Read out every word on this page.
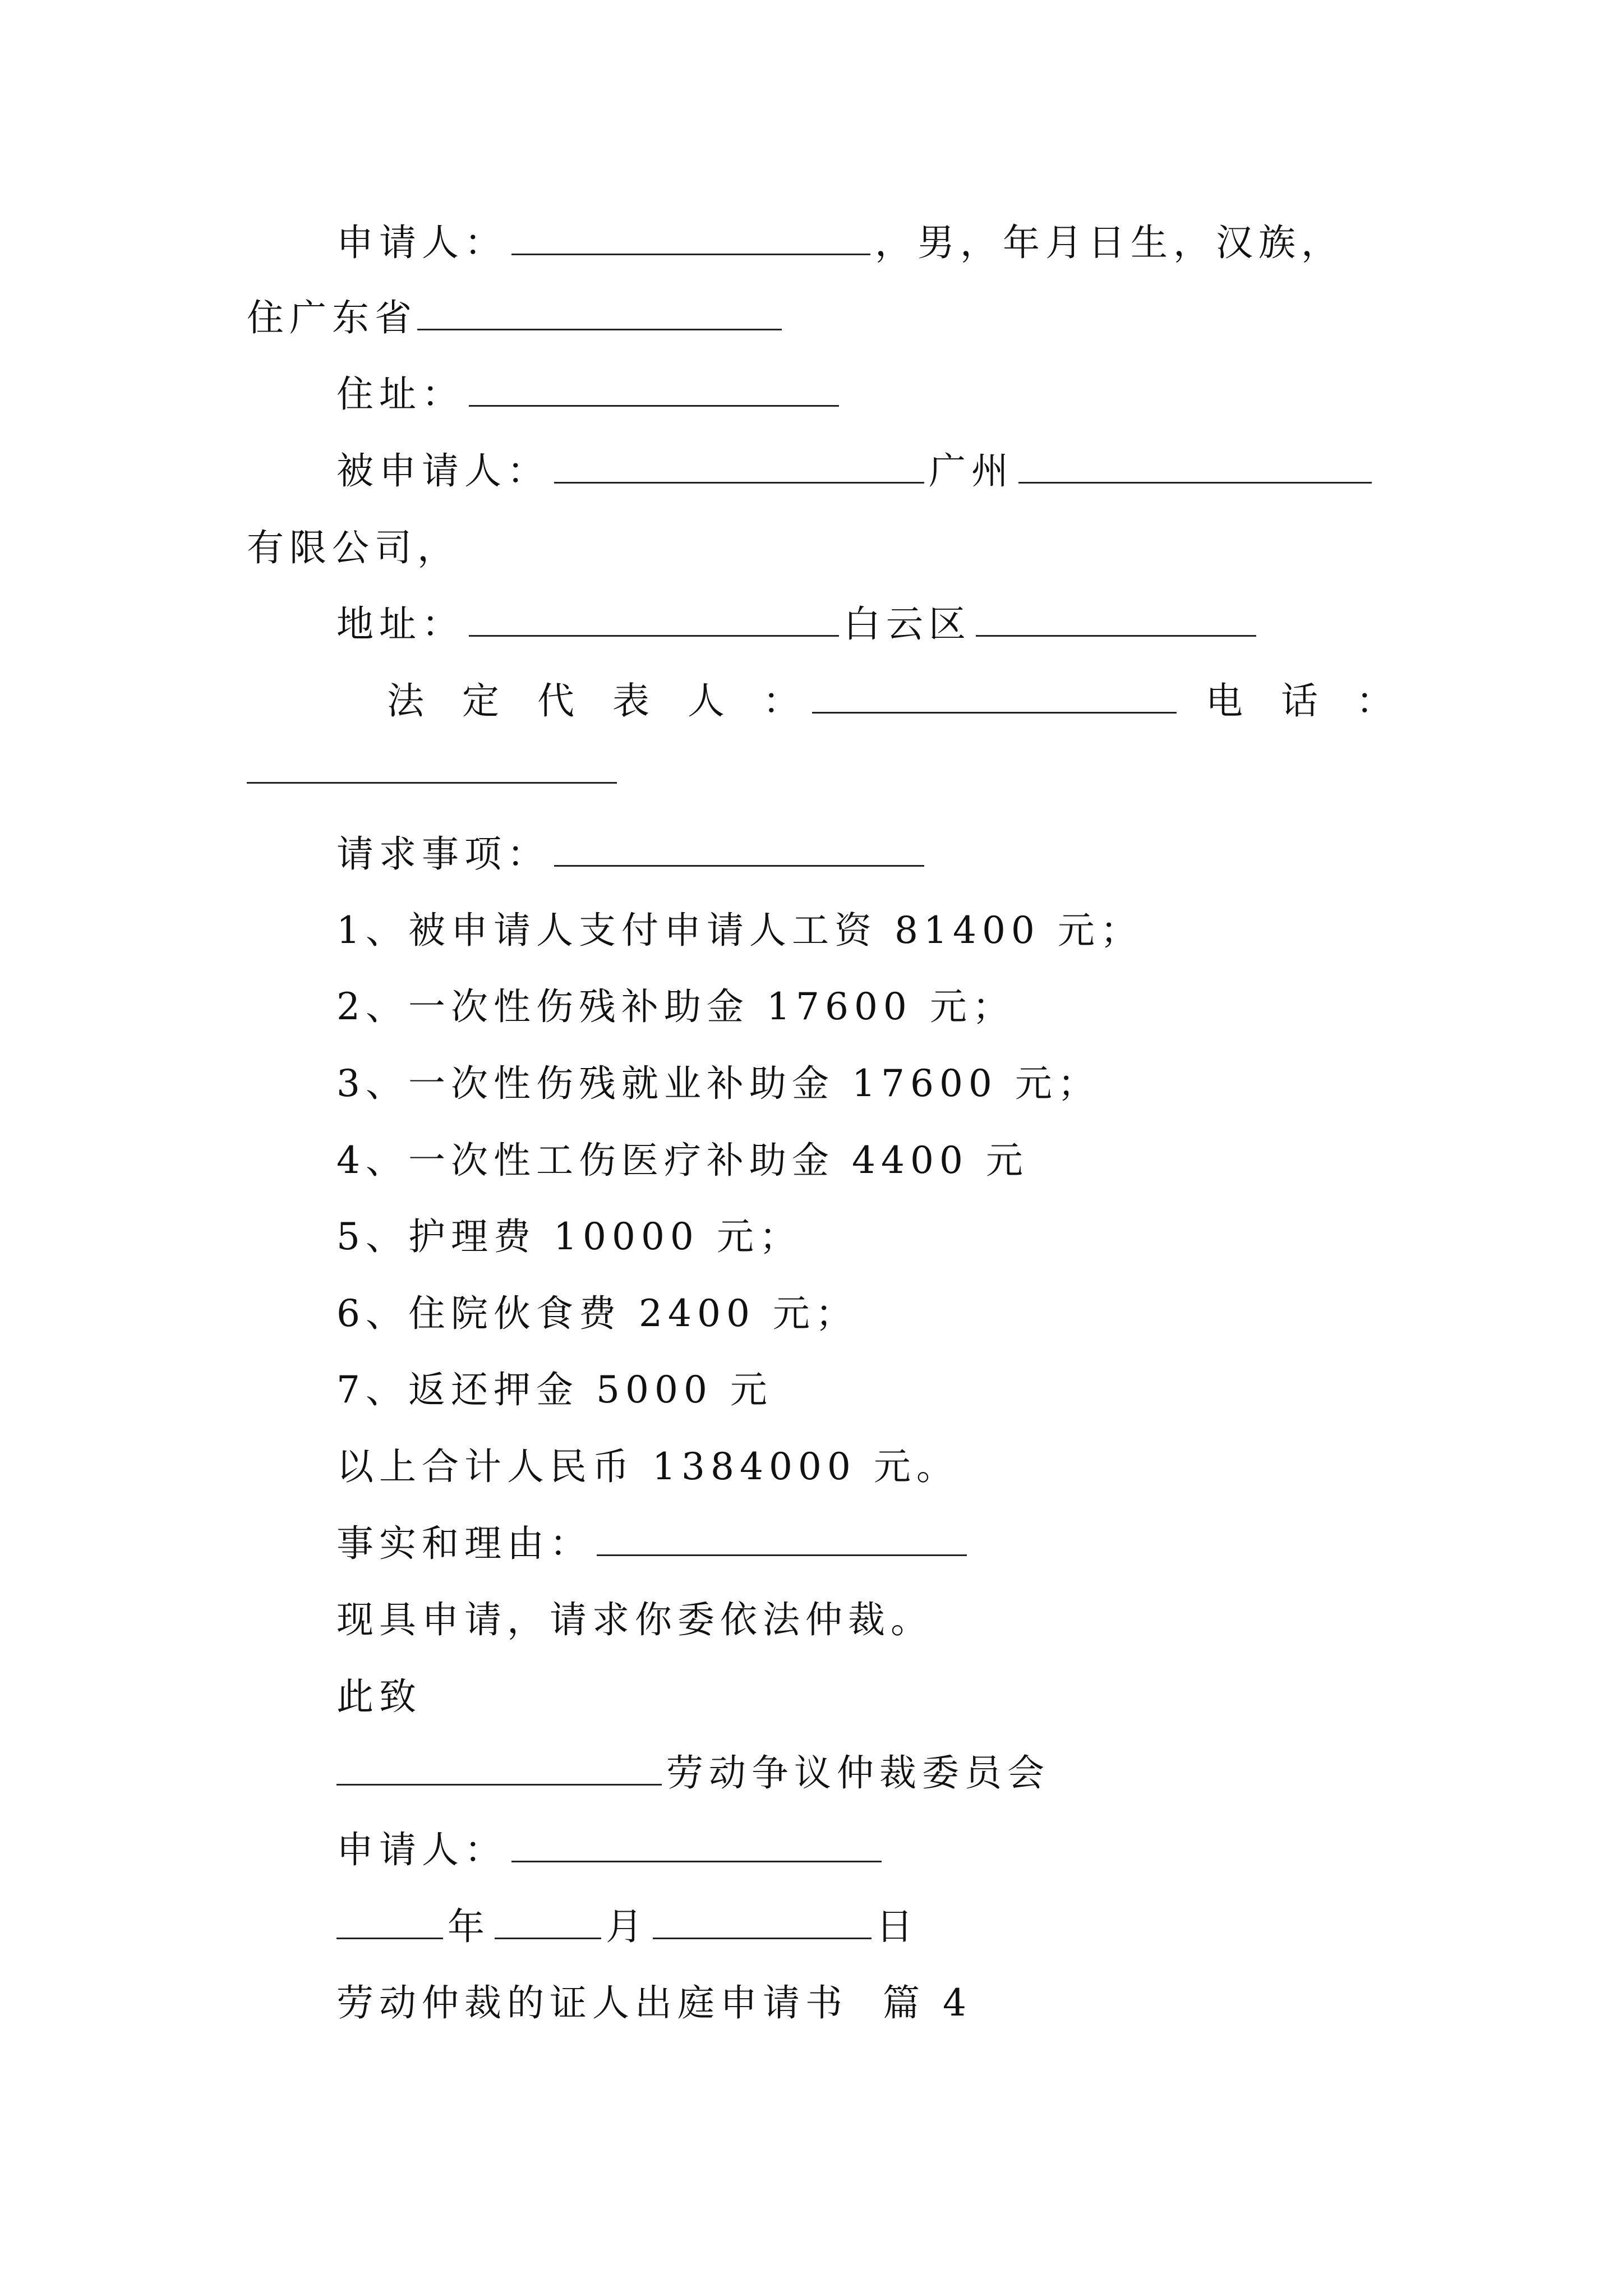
申请人：	，男，年月日生，汉族，
住广东省
住址：
被申请人：	广州
有限公司，
地址：	白云区
法定代表人：	电话：
请求事项：
1、被申请人支付申请人工资 81400 元；
2、一次性伤残补助金 17600 元；
3、一次性伤残就业补助金 17600 元；
4、一次性工伤医疗补助金 4400 元
5、护理费 10000 元；
6、住院伙食费 2400 元；
7、返还押金 5000 元
以上合计人民币 1384000 元。
事实和理由：
现具申请，请求你委依法仲裁。
此致
劳动争议仲裁委员会
申请人：
年	月	日
劳动仲裁的证人出庭申请书  篇 4
